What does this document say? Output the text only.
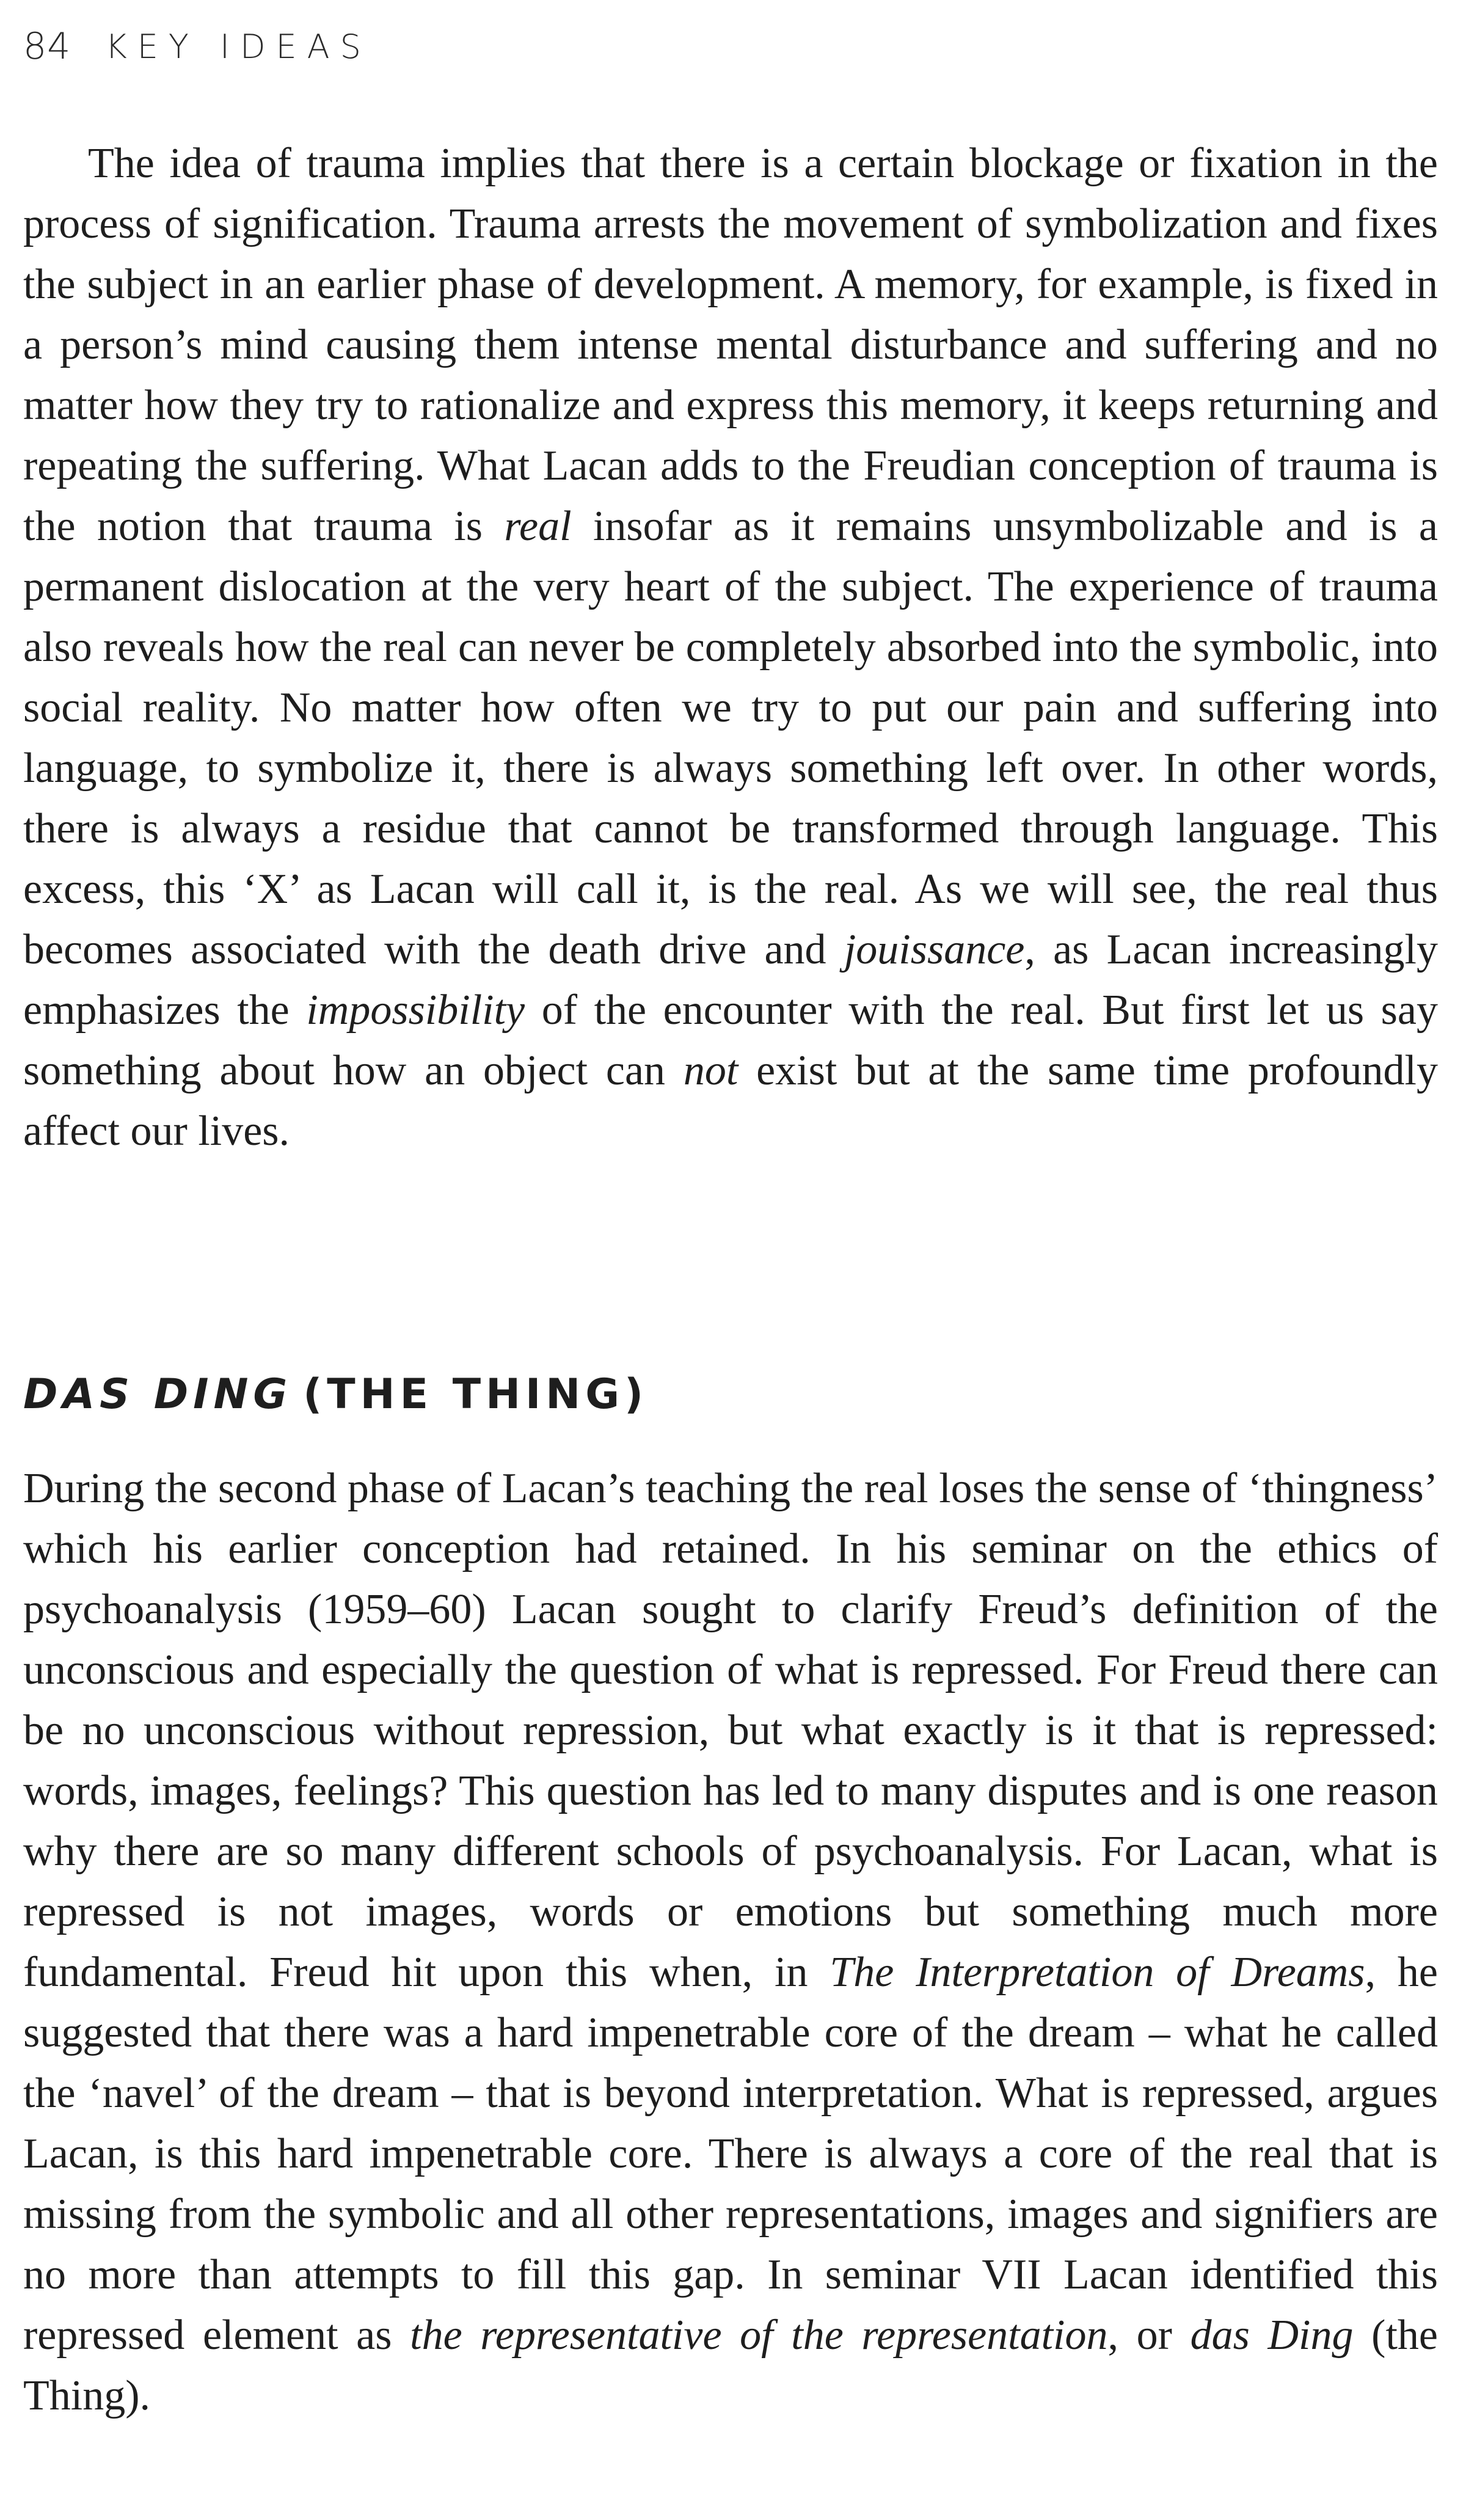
84 KEY IDEAS

The idea of trauma implies that there is a certain blockage or fixation in the process of signification. Trauma arrests the movement of symbolization and fixes the subject in an earlier phase of development. A memory, for example, is fixed in a person’s mind causing them intense mental disturbance and suffering and no matter how they try to rationalize and express this memory, it keeps returning and repeating the suffering. What Lacan adds to the Freudian conception of trauma is the notion that trauma is real insofar as it remains unsymbolizable and is a permanent dislocation at the very heart of the subject. The experience of trauma also reveals how the real can never be completely absorbed into the symbolic, into social reality. No matter how often we try to put our pain and suffering into language, to symbolize it, there is always something left over. In other words, there is always a residue that cannot be transformed through language. This excess, this ‘X’ as Lacan will call it, is the real. As we will see, the real thus becomes associated with the death drive and jouissance, as Lacan increasingly emphasizes the impossibility of the encounter with the real. But first let us say something about how an object can not exist but at the same time profoundly affect our lives.

DAS DING (THE THING)

During the second phase of Lacan’s teaching the real loses the sense of ‘thingness’ which his earlier conception had retained. In his seminar on the ethics of psychoanalysis (1959–60) Lacan sought to clarify Freud’s definition of the unconscious and especially the question of what is repressed. For Freud there can be no unconscious without repression, but what exactly is it that is repressed: words, images, feelings? This question has led to many disputes and is one reason why there are so many different schools of psychoanalysis. For Lacan, what is repressed is not images, words or emotions but something much more fundamental. Freud hit upon this when, in The Interpretation of Dreams, he suggested that there was a hard impenetrable core of the dream – what he called the ‘navel’ of the dream – that is beyond interpretation. What is repressed, argues Lacan, is this hard impenetrable core. There is always a core of the real that is missing from the symbolic and all other representations, images and signifiers are no more than attempts to fill this gap. In seminar VII Lacan identified this repressed element as the representative of the representation, or das Ding (the Thing).
